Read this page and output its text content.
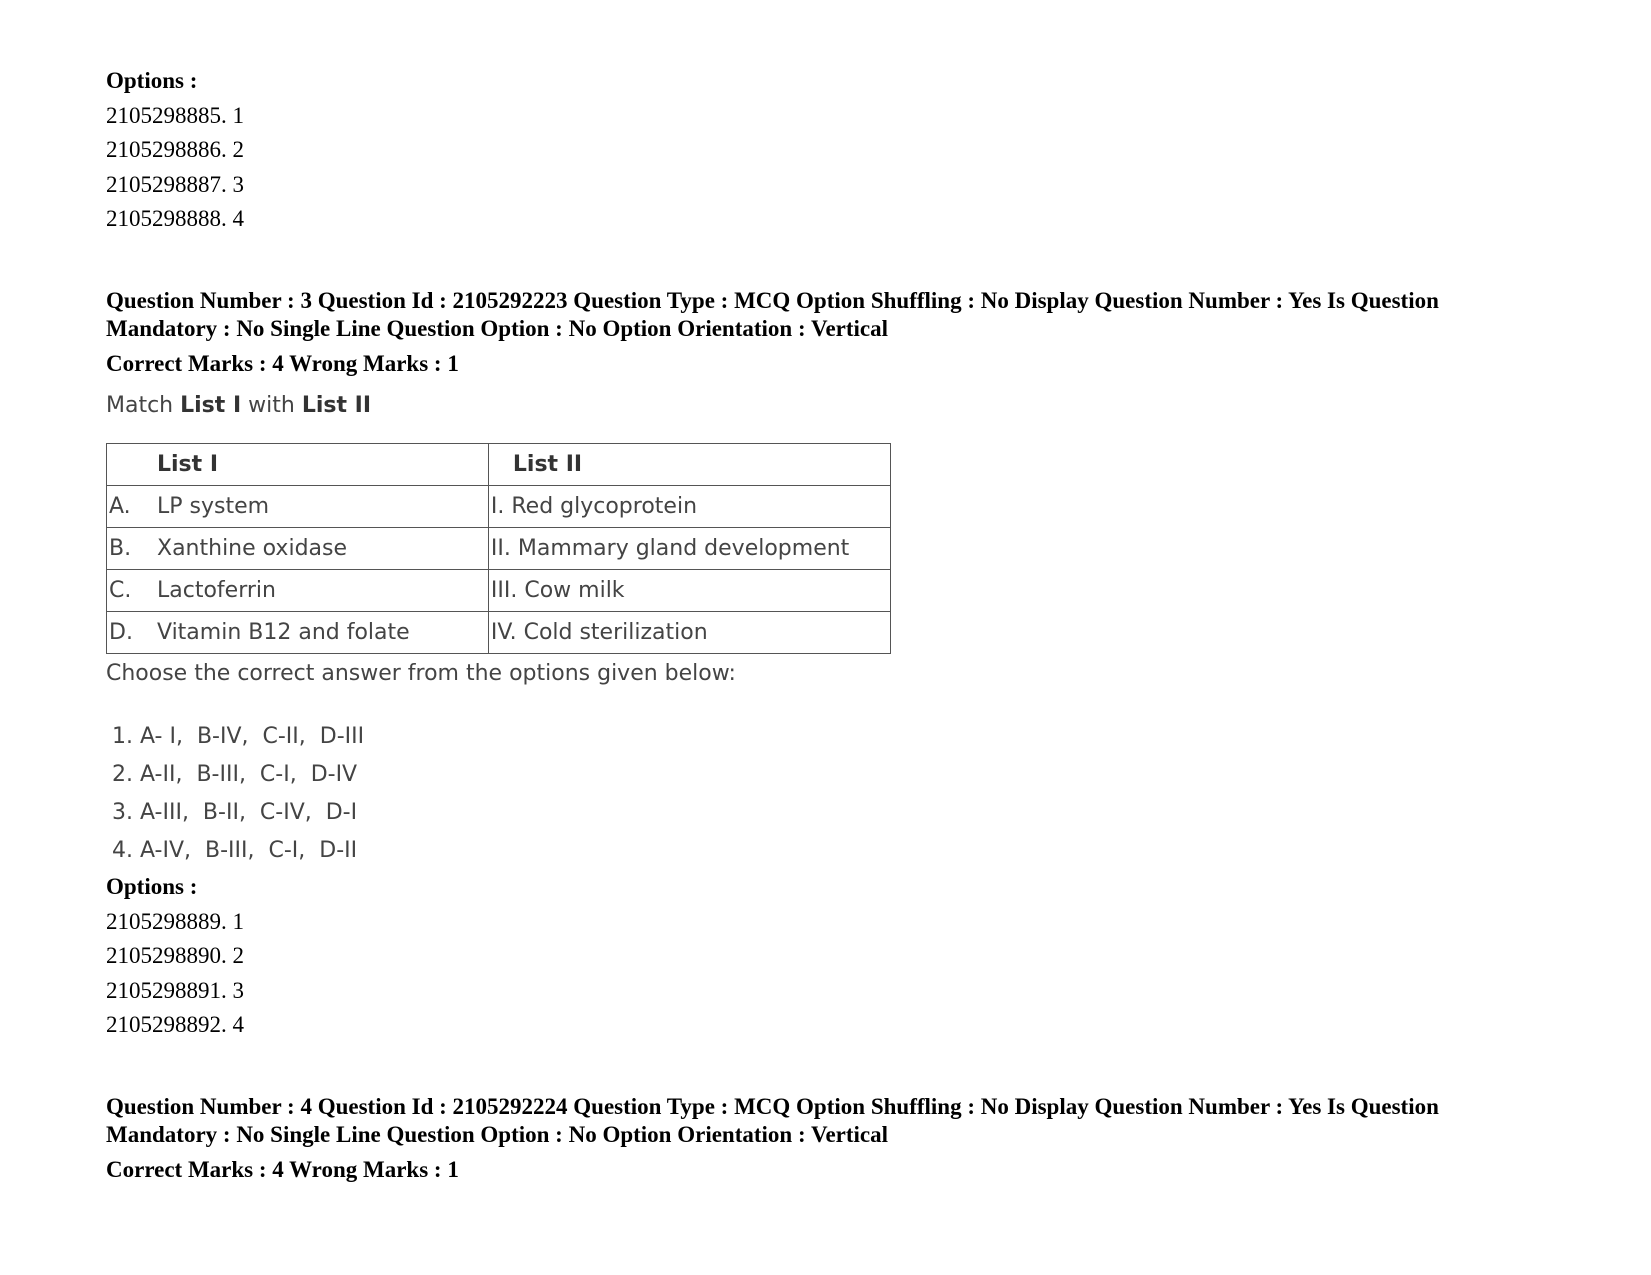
Options :

2105298885. 1

2105298886. 2

2105298887. 3

2105298888. 4

Question Number : 3 Question Id : 2105292223 Question Type : MCQ Option Shuffling : No Display Question Number : Yes Is Question

Mandatory : No Single Line Question Option : No Option Orientation : Vertical

Correct Marks : 4 Wrong Marks : 1

Match List I with List II
List I	List II
A. LP system	I. Red glycoprotein
B. Xanthine oxidase	II. Mammary gland development
C. Lactoferrin	III. Cow milk
D. Vitamin B12 and folate	IV. Cold sterilization
Choose the correct answer from the options given below:
1. A- I,  B-IV,  C-II,  D-III
2. A-II,  B-III,  C-I,  D-IV
3. A-III,  B-II,  C-IV,  D-I
4. A-IV,  B-III,  C-I,  D-II

Options :

2105298889. 1

2105298890. 2

2105298891. 3

2105298892. 4

Question Number : 4 Question Id : 2105292224 Question Type : MCQ Option Shuffling : No Display Question Number : Yes Is Question

Mandatory : No Single Line Question Option : No Option Orientation : Vertical

Correct Marks : 4 Wrong Marks : 1
